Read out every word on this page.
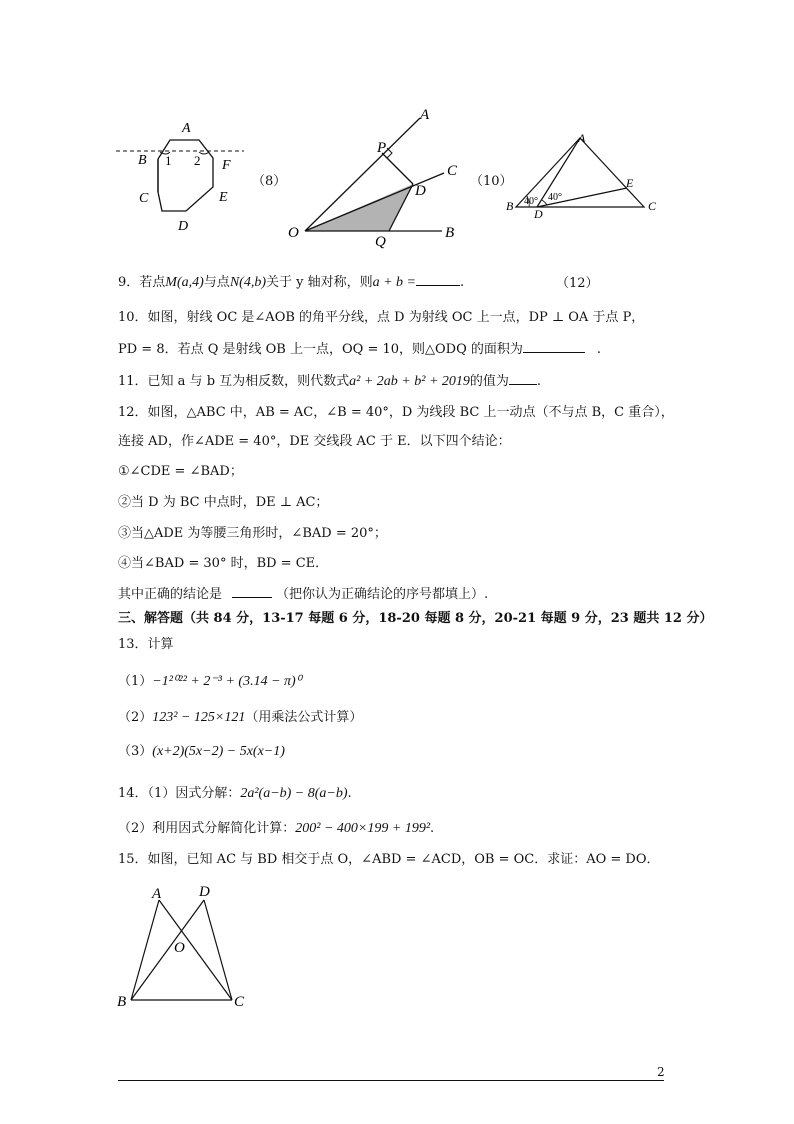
A
B	F
C	E
D
1 2
（8）
A
P
C
D
O
Q
B
（10）
A
B	C
D
E
40° 40°
9．若点M(a,4)与点N(4,b)关于 y 轴对称，则a + b =	.	（12）
10．如图，射线 OC 是∠AOB 的角平分线，点 D 为射线 OC 上一点，DP ⊥ OA 于点 P，
PD = 8．若点 Q 是射线 OB 上一点，OQ = 10，则△ODQ 的面积为	.
11．已知 a 与 b 互为相反数，则代数式a² + 2ab + b² + 2019的值为 .
12．如图，△ABC 中，AB = AC，∠B = 40°，D 为线段 BC 上一动点（不与点 B，C 重合），
连接 AD，作∠ADE = 40°，DE 交线段 AC 于 E．以下四个结论：
①∠CDE = ∠BAD；
②当 D 为 BC 中点时，DE ⊥ AC；
③当△ADE 为等腰三角形时，∠BAD = 20°；
④当∠BAD = 30° 时，BD = CE．
其中正确的结论是	（把你认为正确结论的序号都填上）.
三、解答题（共 84 分，13-17 每题 6 分，18-20 每题 8 分，20-21 每题 9 分，23 题共 12 分）
13．计算
（1）−1²⁰²² + 2⁻³ + (3.14 − π)⁰
（2）123² − 125×121（用乘法公式计算）
（3）(x+2)(5x−2) − 5x(x−1)
14．（1）因式分解：2a²(a−b) − 8(a−b).
（2）利用因式分解简化计算：200² − 400×199 + 199².
15．如图，已知 AC 与 BD 相交于点 O，∠ABD = ∠ACD，OB = OC．求证：AO = DO．
A	D
O
B	C
2
